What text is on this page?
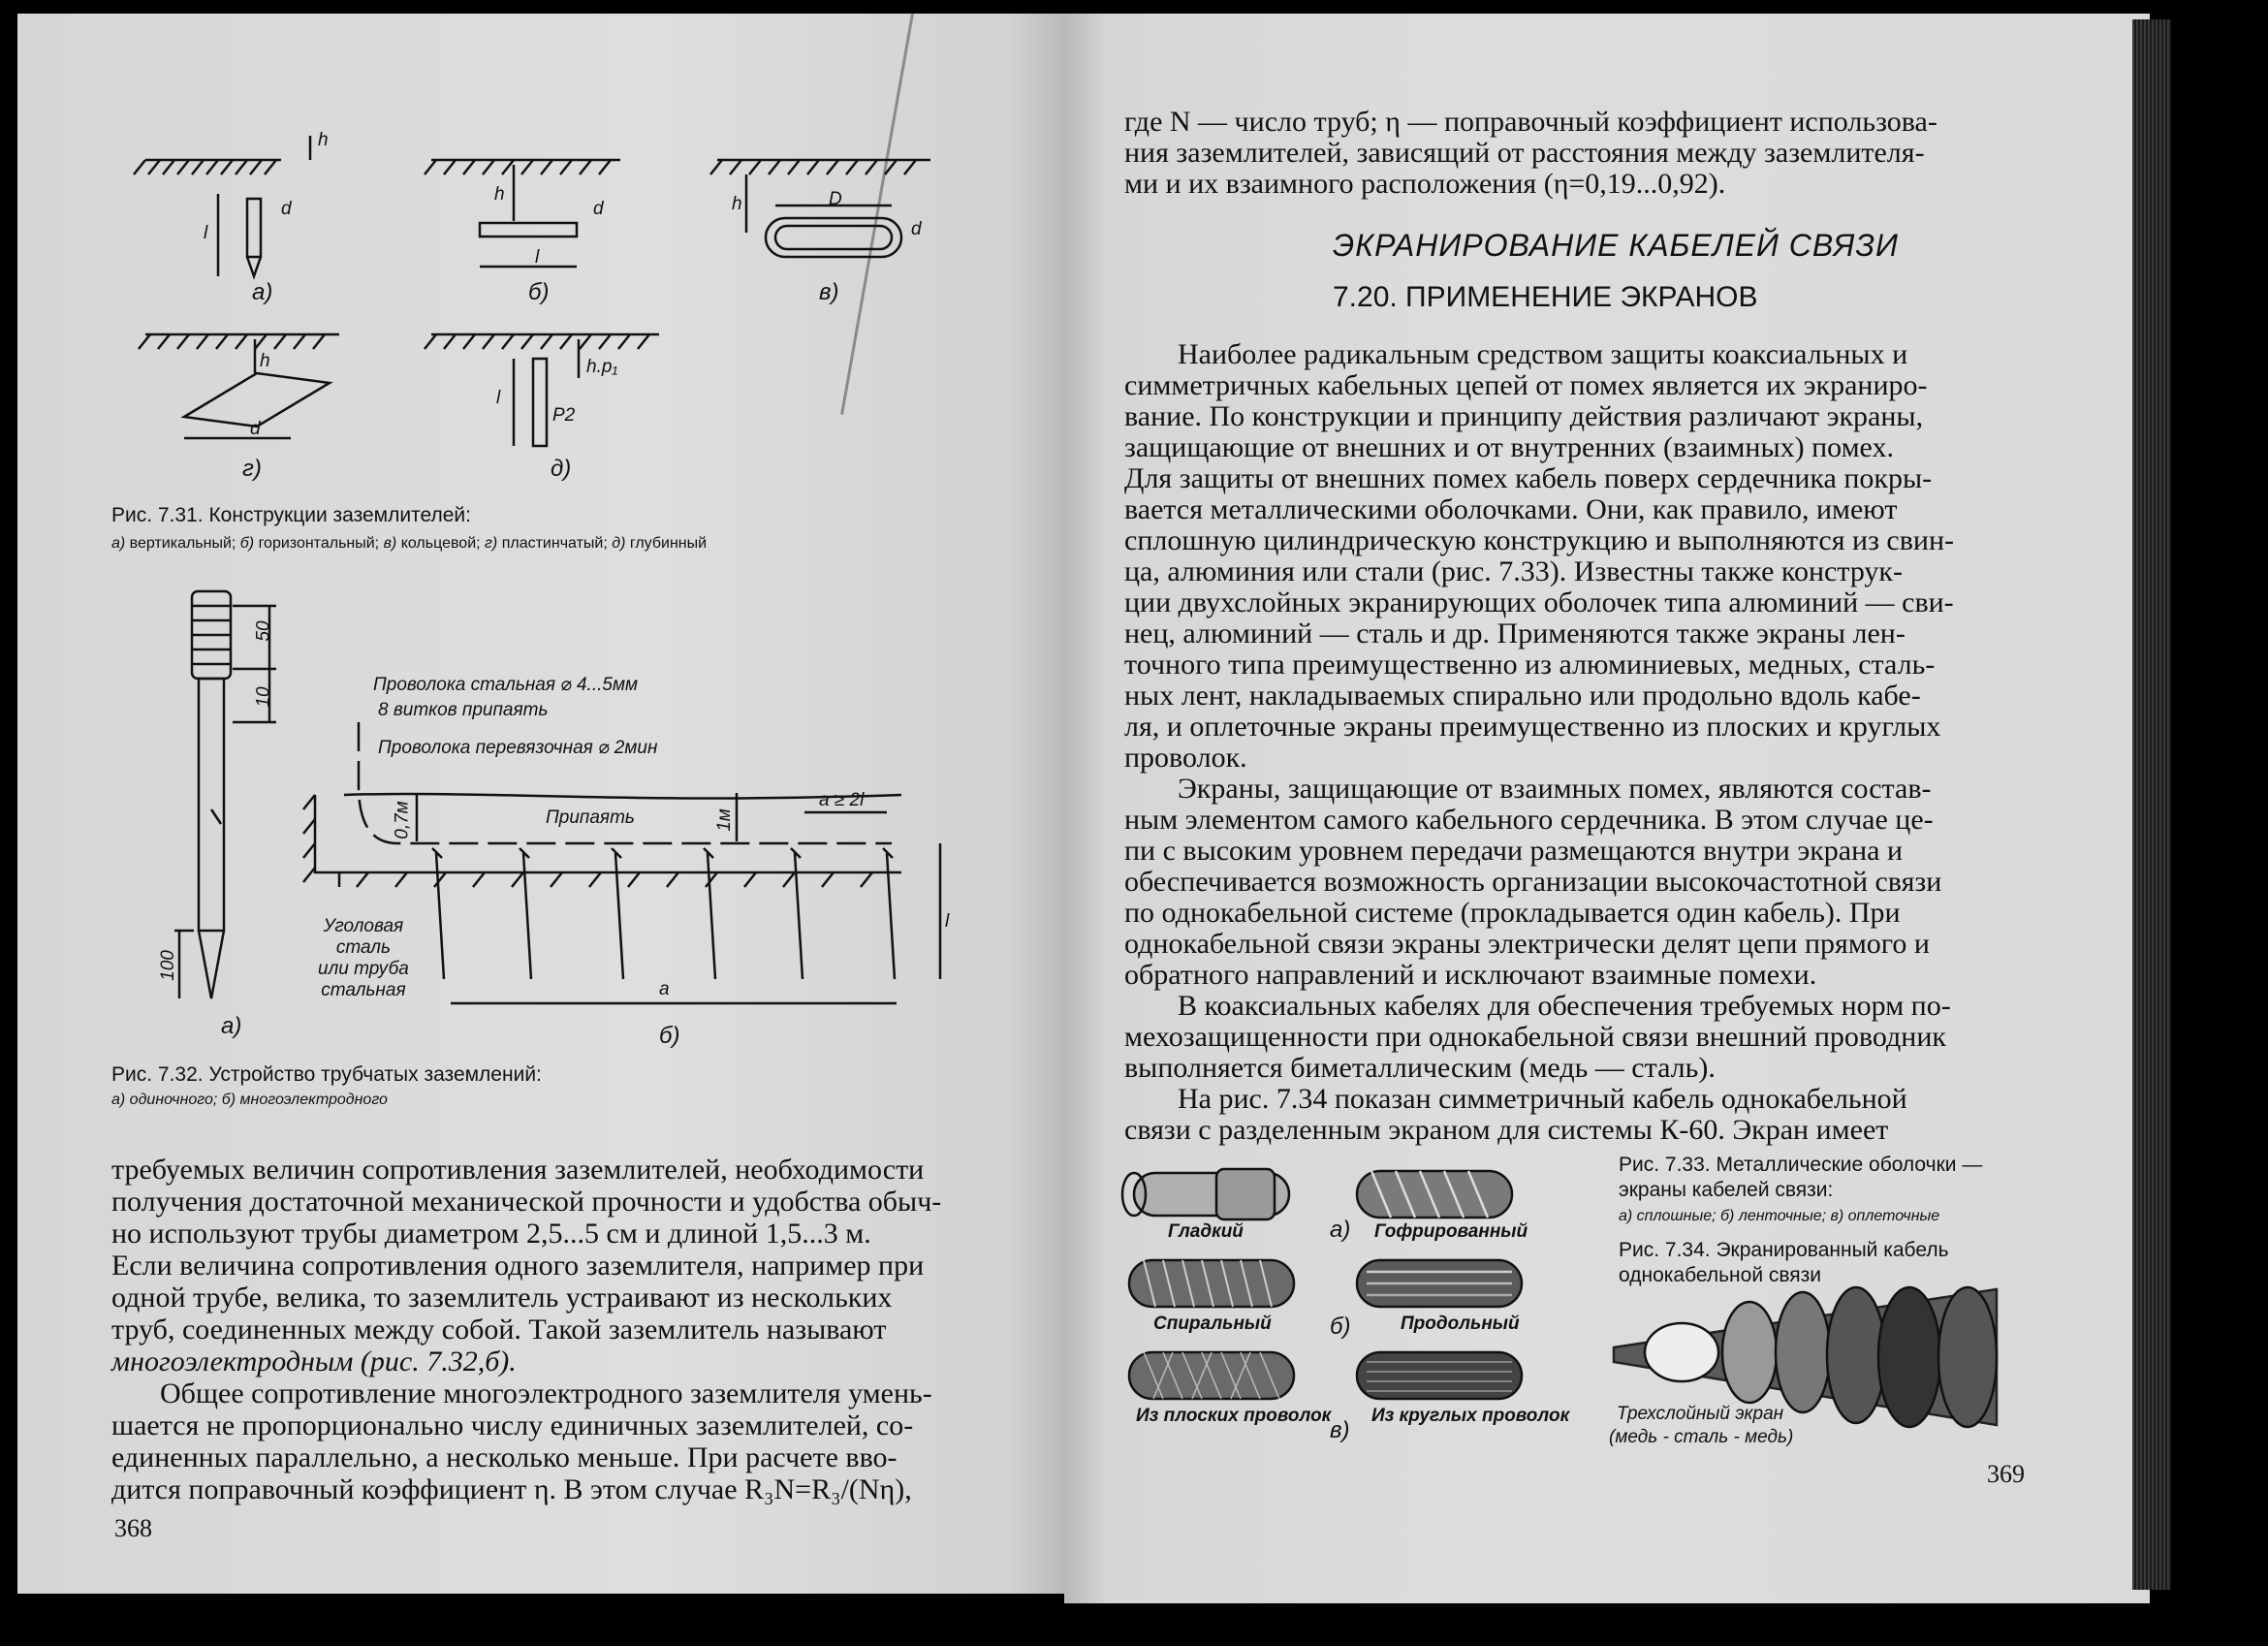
h
d
l
h
d
l
h	D
d
h
d
l
h.p₁
P2
а)	б)	в)
г)	д)
Рис. 7.31. Конструкции заземлителей:
а) вертикальный; б) горизонтальный; в) кольцевой; г) пластинчатый; д) глубинный
50
10
100
0,7м	1м
a ≥ 2l
a
l
Проволока стальная ⌀ 4...5мм
8 витков припаять
Проволока перевязочная ⌀ 2мин
Припаять
Уголовая
сталь
или труба
стальная
а)	б)
Рис. 7.32. Устройство трубчатых заземлений:
а) одиночного; б) многоэлектродного
требуемых величин сопротивления заземлителей, необходимости
получения достаточной механической прочности и удобства обыч-
но используют трубы диаметром 2,5...5 см и длиной 1,5...3 м.
Если величина сопротивления одного заземлителя, например при
одной трубе, велика, то заземлитель устраивают из нескольких
труб, соединенных между собой. Такой заземлитель называют
многоэлектродным (рис. 7.32,б).
Общее сопротивление многоэлектродного заземлителя умень-
шается не пропорционально числу единичных заземлителей, со-
единенных параллельно, а несколько меньше. При расчете вво-
дится поправочный коэффициент η. В этом случае R₃N=R₃/(Nη),
368
где N — число труб; η — поправочный коэффициент использова-
ния заземлителей, зависящий от расстояния между заземлителя-
ми и их взаимного расположения (η=0,19...0,92).
ЭКРАНИРОВАНИЕ КАБЕЛЕЙ СВЯЗИ
7.20. ПРИМЕНЕНИЕ ЭКРАНОВ
Наиболее радикальным средством защиты коаксиальных и
симметричных кабельных цепей от помех является их экраниро-
вание. По конструкции и принципу действия различают экраны,
защищающие от внешних и от внутренних (взаимных) помех.
Для защиты от внешних помех кабель поверх сердечника покры-
вается металлическими оболочками. Они, как правило, имеют
сплошную цилиндрическую конструкцию и выполняются из свин-
ца, алюминия или стали (рис. 7.33). Известны также конструк-
ции двухслойных экранирующих оболочек типа алюминий — сви-
нец, алюминий — сталь и др. Применяются также экраны лен-
точного типа преимущественно из алюминиевых, медных, сталь-
ных лент, накладываемых спирально или продольно вдоль кабе-
ля, и оплеточные экраны преимущественно из плоских и круглых
проволок.
Экраны, защищающие от взаимных помех, являются состав-
ным элементом самого кабельного сердечника. В этом случае це-
пи с высоким уровнем передачи размещаются внутри экрана и
обеспечивается возможность организации высокочастотной связи
по однокабельной системе (прокладывается один кабель). При
однокабельной связи экраны электрически делят цепи прямого и
обратного направлений и исключают взаимные помехи.
В коаксиальных кабелях для обеспечения требуемых норм по-
мехозащищенности при однокабельной связи внешний проводник
выполняется биметаллическим (медь — сталь).
На рис. 7.34 показан симметричный кабель однокабельной
связи с разделенным экраном для системы К-60. Экран имеет
Рис. 7.33. Металлические оболочки —
экраны кабелей связи:
а) сплошные; б) ленточные; в) оплеточные
Рис. 7.34. Экранированный кабель
однокабельной связи
Гладкий	Гофрированный
Спиральный	Продольный
Из плоских проволок Из круглых проволок
а)
б)
в)
Трехслойный экран
(медь - сталь - медь)
369
